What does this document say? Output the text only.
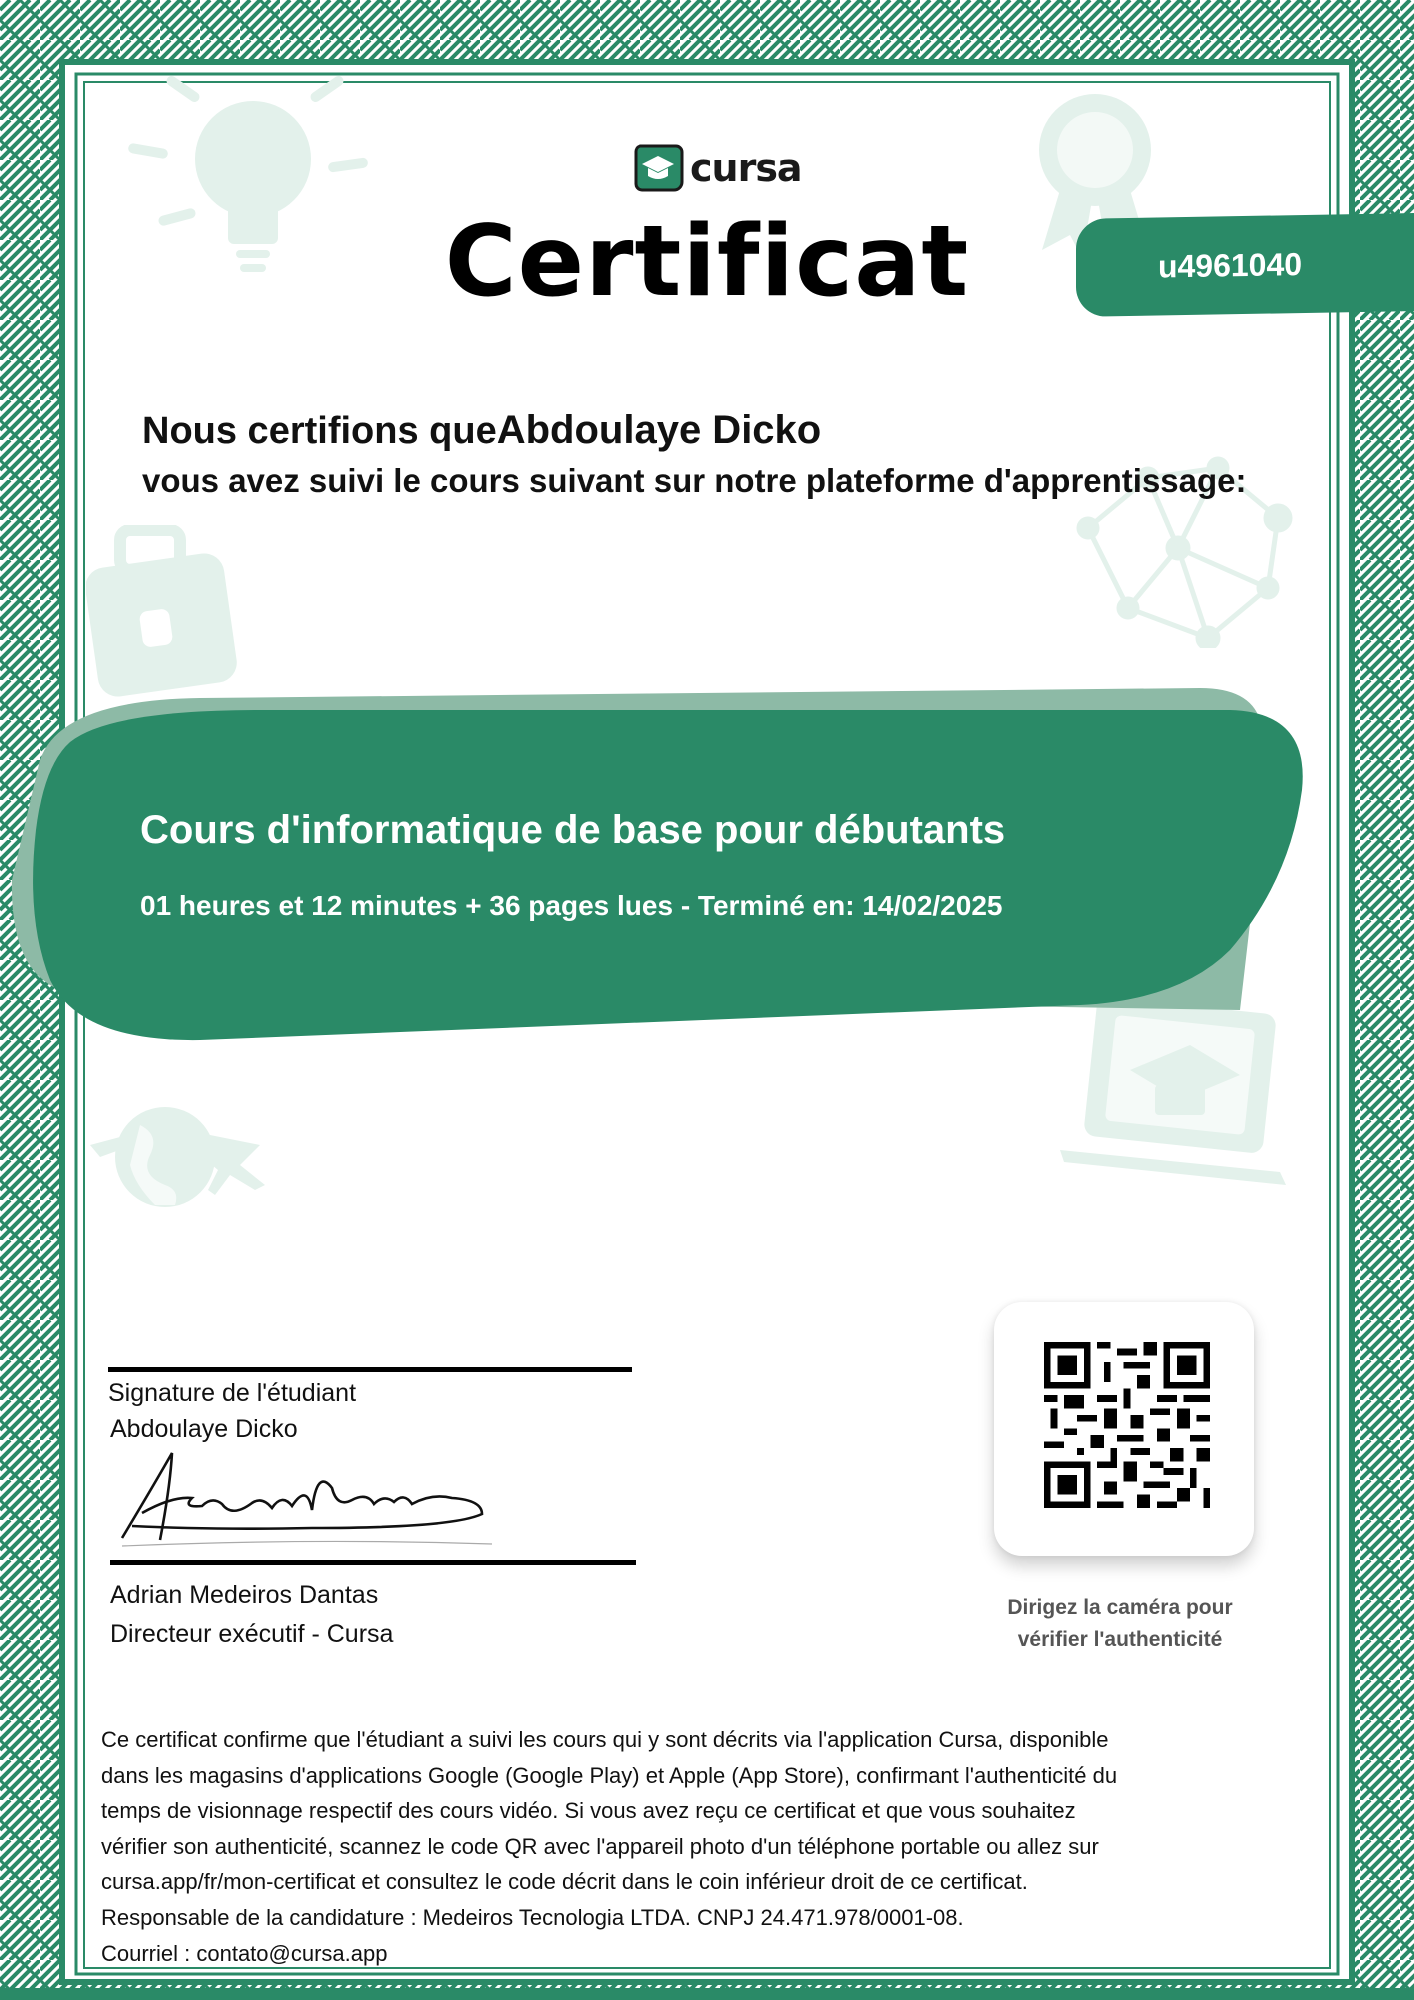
cursa
Certificat	u4961040
Nous certifions queAbdoulaye Dicko
vous avez suivi le cours suivant sur notre plateforme d'apprentissage:
Cours d'informatique de base pour débutants
01 heures et 12 minutes + 36 pages lues - Terminé en: 14/02/2025
Signature de l'étudiant
Abdoulaye Dicko
Adrian Medeiros Dantas
Directeur exécutif - Cursa
Dirigez la caméra pour
vérifier l'authenticité

Ce certificat confirme que l'étudiant a suivi les cours qui y sont décrits via l'application Cursa, disponible

dans les magasins d'applications Google (Google Play) et Apple (App Store), confirmant l'authenticité du

temps de visionnage respectif des cours vidéo. Si vous avez reçu ce certificat et que vous souhaitez

vérifier son authenticité, scannez le code QR avec l'appareil photo d'un téléphone portable ou allez sur

cursa.app/fr/mon-certificat et consultez le code décrit dans le coin inférieur droit de ce certificat.

Responsable de la candidature : Medeiros Tecnologia LTDA. CNPJ 24.471.978/0001-08.

Courriel : contato@cursa.app
